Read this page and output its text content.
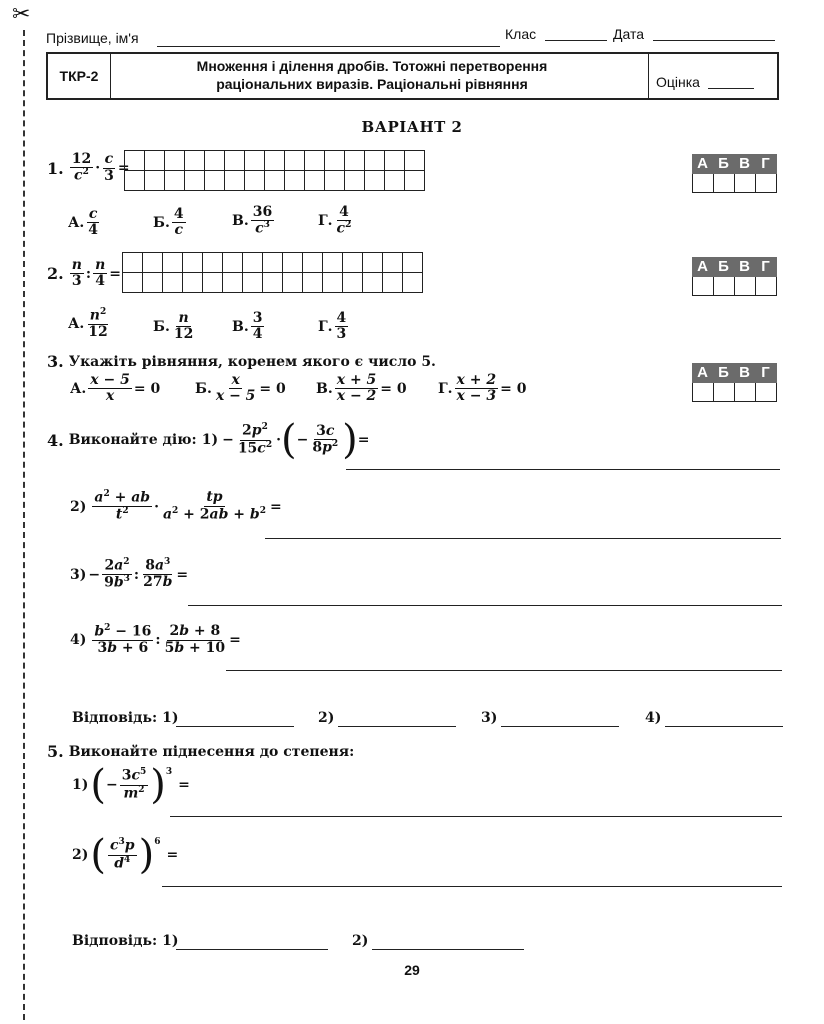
✂
Прізвище, ім'я	Клас	Дата
ТКР-2
Множення і ділення дробів. Тотожні перетворення
раціональних виразів. Раціональні рівняння	Оцінка
ВАРІАНТ 2
1. $\frac{12}{c^2} \cdot \frac{c}{3}$ =

															А Б В Г
А. $\frac{c}{4}$	Б. $\frac{4}{c}$	В. $\frac{36}{c^3}$	Г. $\frac{4}{c^2}$
2. $\frac{n}{3}$ : $\frac{n}{4}$ =

															А Б В Г
А. $\frac{n^2}{12}$	Б. $\frac{n}{12}$	В. $\frac{3}{4}$	Г. $\frac{4}{3}$
3. Укажіть рівняння, коренем якого є число 5.
А Б В Г
А. $\frac{x - 5}{x} = 0$ Б. $\frac{x}{x - 5} = 0$ В. $\frac{x + 5}{x - 2} = 0$ Г. $\frac{x + 2}{x - 3} = 0$
4. Виконайте дію: $1) - \frac{2p^2}{15c^2}$ · ( − $\frac{3c}{8p^2}$ ) =
$2) \frac{a^2 + ab}{t^2} \cdot \frac{tp}{a^2 + 2ab + b^2}$ =
$3) - \frac{2a^2}{9b^3}$ : $\frac{8a^3}{27b}$ =
$4) \frac{b^2 - 16}{3b + 6}$ : $\frac{2b + 8}{5b + 10}$ =
Відповідь: 1)	2)	3)	4)
5. Виконайте піднесення до степеня:
1) ( − $\frac{3c^5}{m^2} )^3$
=
2) ( $\frac{c^3p}{d^4} )^6$
=
Відповідь: 1)	2)
29
